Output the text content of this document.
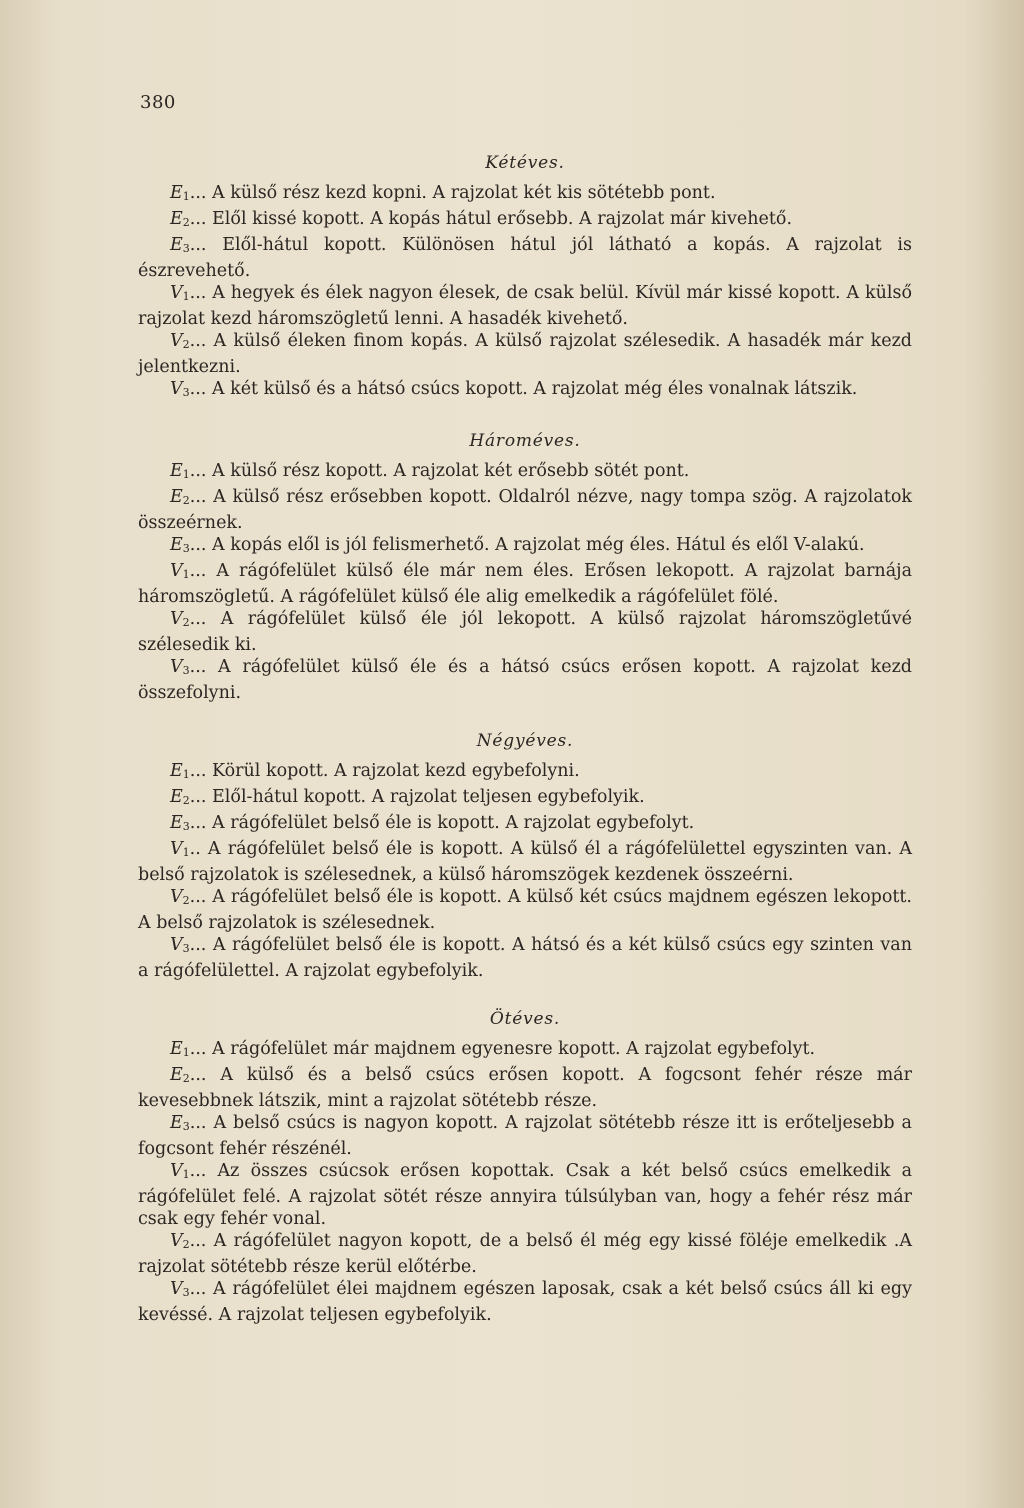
380
Kétéves.

E1... A külső rész kezd kopni. A rajzolat két kis sötétebb pont.

E2... Elől kissé kopott. A kopás hátul erősebb. A rajzolat már kivehető.

E3... Elől-hátul kopott. Különösen hátul jól látható a kopás. A rajzolat is észrevehető.

V1... A hegyek és élek nagyon élesek, de csak belül. Kívül már kissé kopott. A külső rajzolat kezd háromszögletű lenni. A hasadék kivehető.

V2... A külső éleken finom kopás. A külső rajzolat szélesedik. A hasadék már kezd jelentkezni.

V3... A két külső és a hátsó csúcs kopott. A rajzolat még éles vonalnak látszik.

Hároméves.

E1... A külső rész kopott. A rajzolat két erősebb sötét pont.

E2... A külső rész erősebben kopott. Oldalról nézve, nagy tompa szög. A rajzolatok összeérnek.

E3... A kopás elől is jól felismerhető. A rajzolat még éles. Hátul és elől V-alakú.

V1... A rágófelület külső éle már nem éles. Erősen lekopott. A rajzolat barnája háromszögletű. A rágófelület külső éle alig emelkedik a rágófelület fölé.

V2... A rágófelület külső éle jól lekopott. A külső rajzolat háromszögletűvé szélesedik ki.

V3... A rágófelület külső éle és a hátsó csúcs erősen kopott. A rajzolat kezd összefolyni.

Négyéves.

E1... Körül kopott. A rajzolat kezd egybefolyni.

E2... Elől-hátul kopott. A rajzolat teljesen egybefolyik.

E3... A rágófelület belső éle is kopott. A rajzolat egybefolyt.

V1.. A rágófelület belső éle is kopott. A külső él a rágófelülettel egyszinten van. A belső rajzolatok is szélesednek, a külső háromszögek kezdenek összeérni.

V2... A rágófelület belső éle is kopott. A külső két csúcs majdnem egészen lekopott. A belső rajzolatok is szélesednek.

V3... A rágófelület belső éle is kopott. A hátsó és a két külső csúcs egy szinten van a rágófelülettel. A rajzolat egybefolyik.

Ötéves.

E1... A rágófelület már majdnem egyenesre kopott. A rajzolat egybefolyt.

E2... A külső és a belső csúcs erősen kopott. A fogcsont fehér része már kevesebbnek látszik, mint a rajzolat sötétebb része.

E3... A belső csúcs is nagyon kopott. A rajzolat sötétebb része itt is erőteljesebb a fogcsont fehér részénél.

V1... Az összes csúcsok erősen kopottak. Csak a két belső csúcs emelkedik a rágófelület felé. A rajzolat sötét része annyira túlsúlyban van, hogy a fehér rész már csak egy fehér vonal.

V2... A rágófelület nagyon kopott, de a belső él még egy kissé föléje emelkedik .A rajzolat sötétebb része kerül előtérbe.

V3... A rágófelület élei majdnem egészen laposak, csak a két belső csúcs áll ki egy kevéssé. A rajzolat teljesen egybefolyik.
